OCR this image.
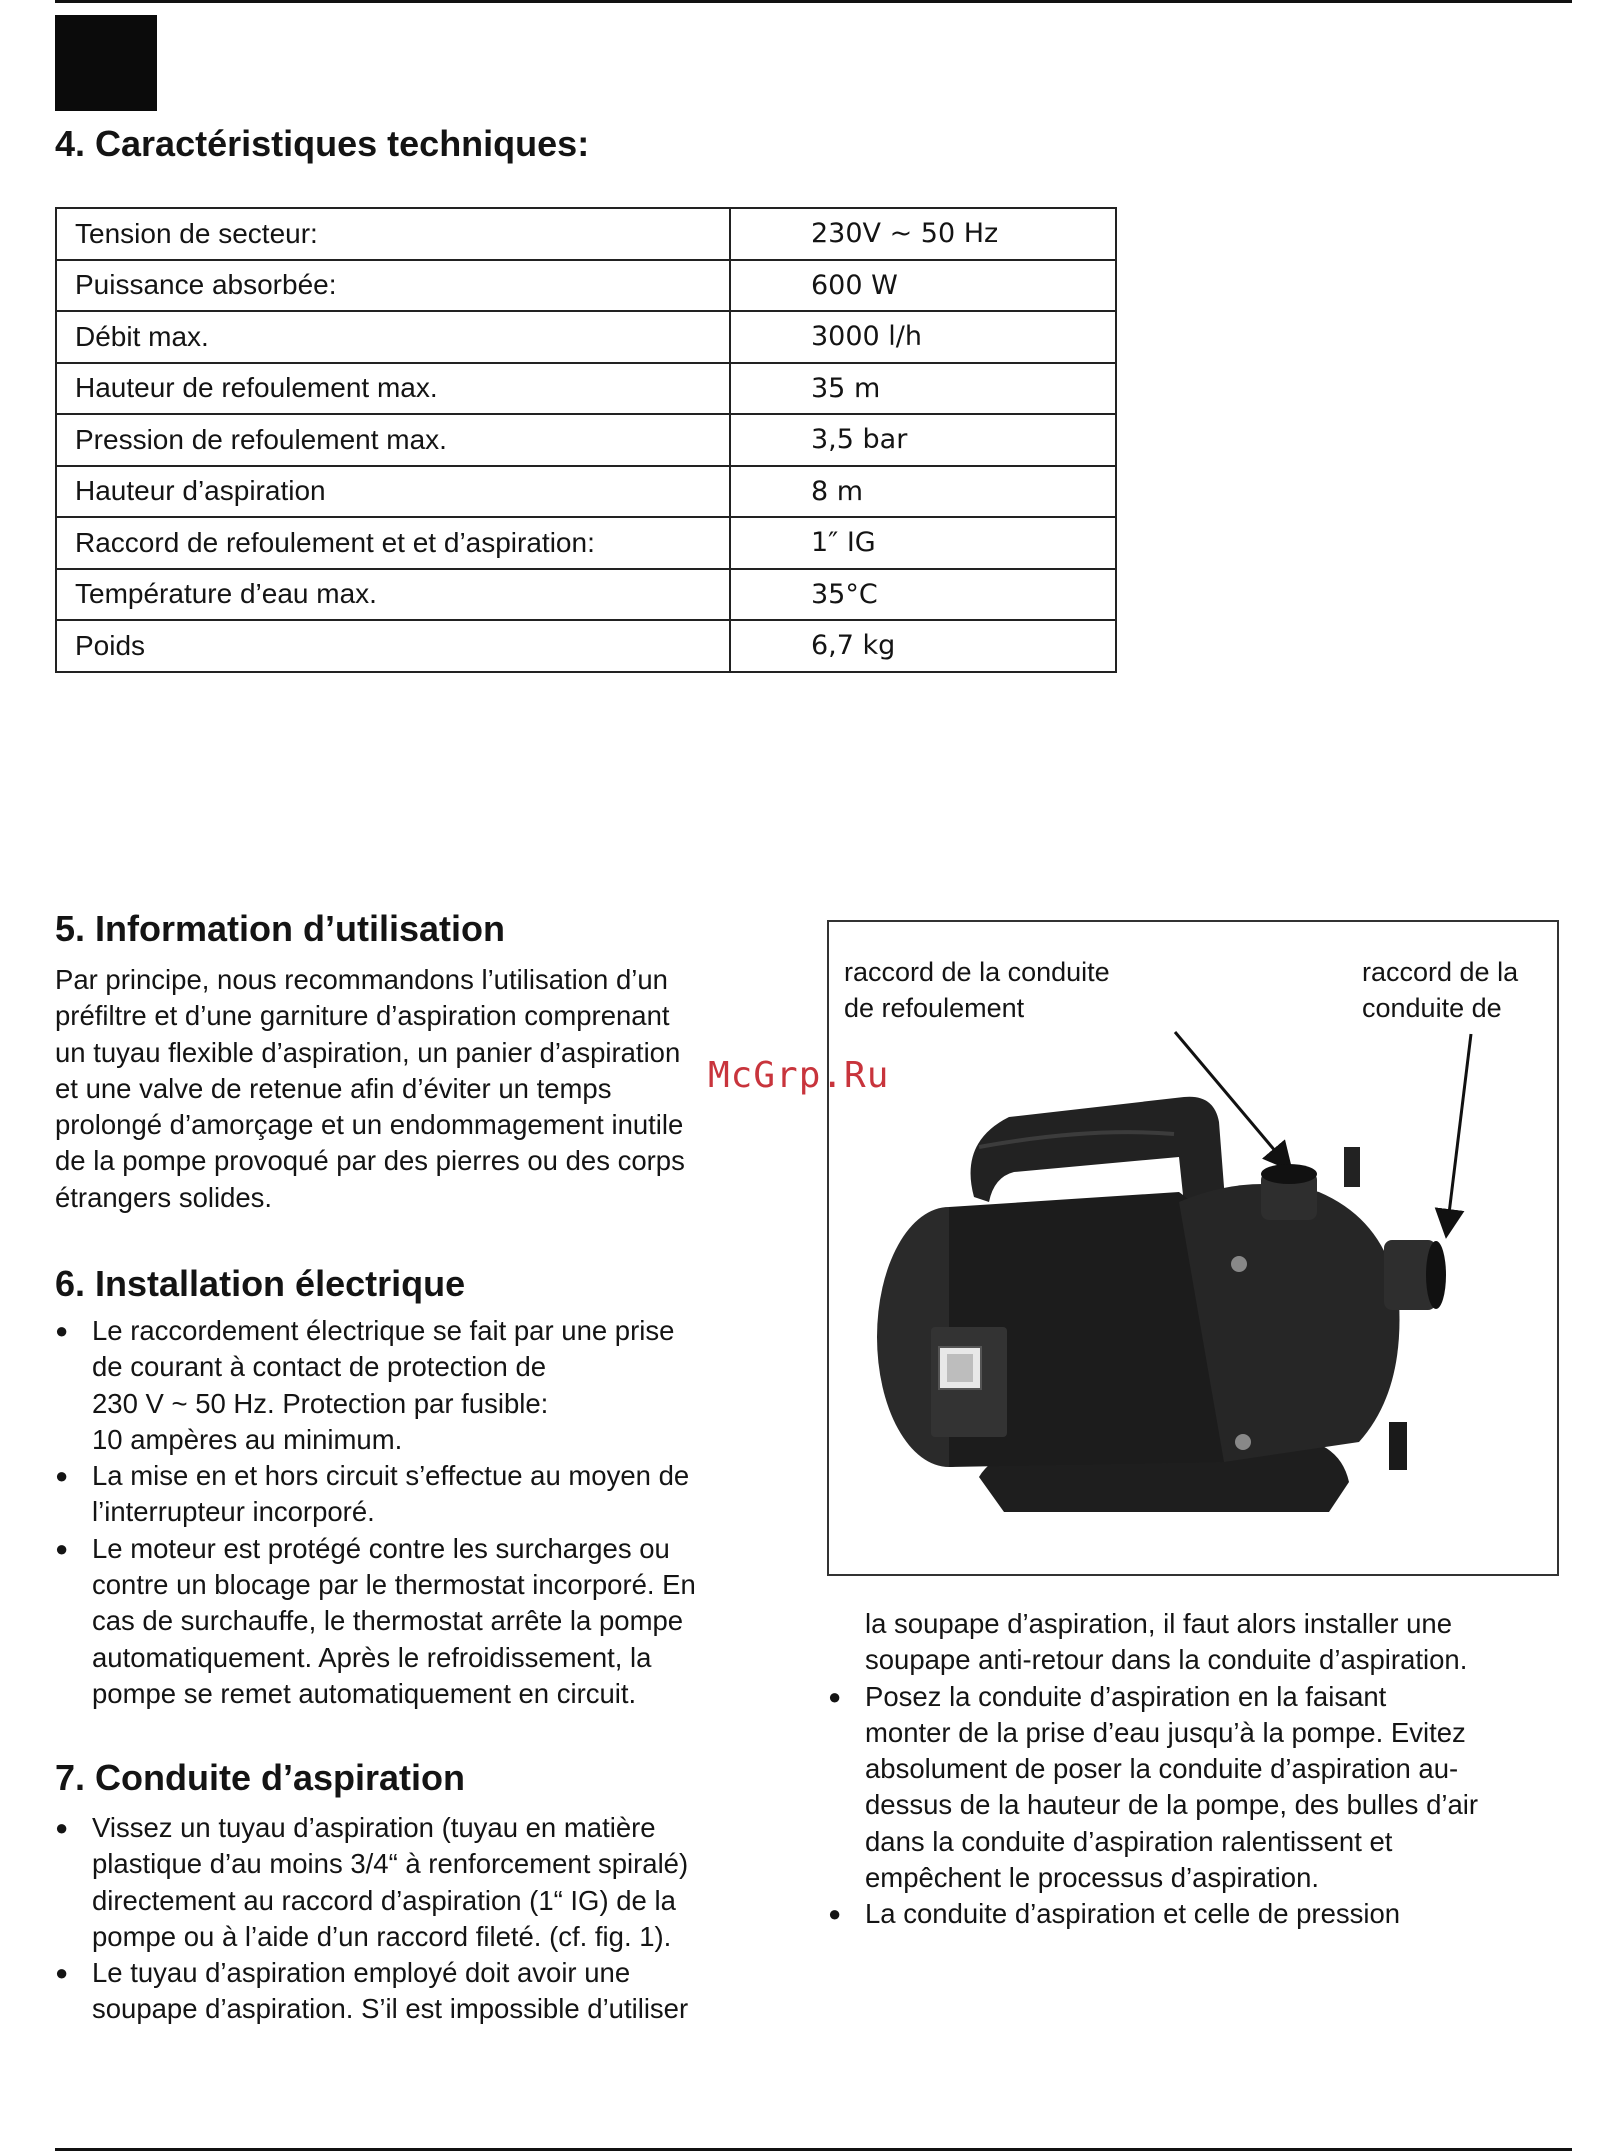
4. Caractéristiques techniques:
Tension de secteur:	230V ~ 50 Hz
Puissance absorbée:	600 W
Débit max.	3000 l/h
Hauteur de refoulement max.	35 m
Pression de refoulement max.	3,5 bar
Hauteur d’aspiration	8 m
Raccord de refoulement et et d’aspiration:	1″ IG
Température d’eau max.	35°C
Poids	6,7 kg
5. Information d’utilisation
Par principe, nous recommandons l’utilisation d’un
préfiltre et d’une garniture d’aspiration comprenant
un tuyau flexible d’aspiration, un panier d’aspiration
et une valve de retenue afin d’éviter un temps
prolongé d’amorçage et un endommagement inutile
de la pompe provoqué par des pierres ou des corps
étrangers solides.
6. Installation électrique
● Le raccordement électrique se fait par une prise
de courant à contact de protection de
230 V ~ 50 Hz. Protection par fusible:
10 ampères au minimum.
● La mise en et hors circuit s’effectue au moyen de
l’interrupteur incorporé.
● Le moteur est protégé contre les surcharges ou
contre un blocage par le thermostat incorporé. En
cas de surchauffe, le thermostat arrête la pompe
automatiquement. Après le refroidissement, la
pompe se remet automatiquement en circuit.
7. Conduite d’aspiration
● Vissez un tuyau d’aspiration (tuyau en matière
plastique d’au moins 3/4“ à renforcement spiralé)
directement au raccord d’aspiration (1“ IG) de la
pompe ou à l’aide d’un raccord fileté. (cf. fig. 1).
● Le tuyau d’aspiration employé doit avoir une
soupape d’aspiration. S’il est impossible d’utiliser
raccord de la conduite
de refoulement
raccord de la
conduite de
McGrp.Ru
la soupape d’aspiration, il faut alors installer une
soupape anti-retour dans la conduite d’aspiration.
● Posez la conduite d’aspiration en la faisant
monter de la prise d’eau jusqu’à la pompe. Evitez
absolument de poser la conduite d’aspiration au-
dessus de la hauteur de la pompe, des bulles d’air
dans la conduite d’aspiration ralentissent et
empêchent le processus d’aspiration.
● La conduite d’aspiration et celle de pression
